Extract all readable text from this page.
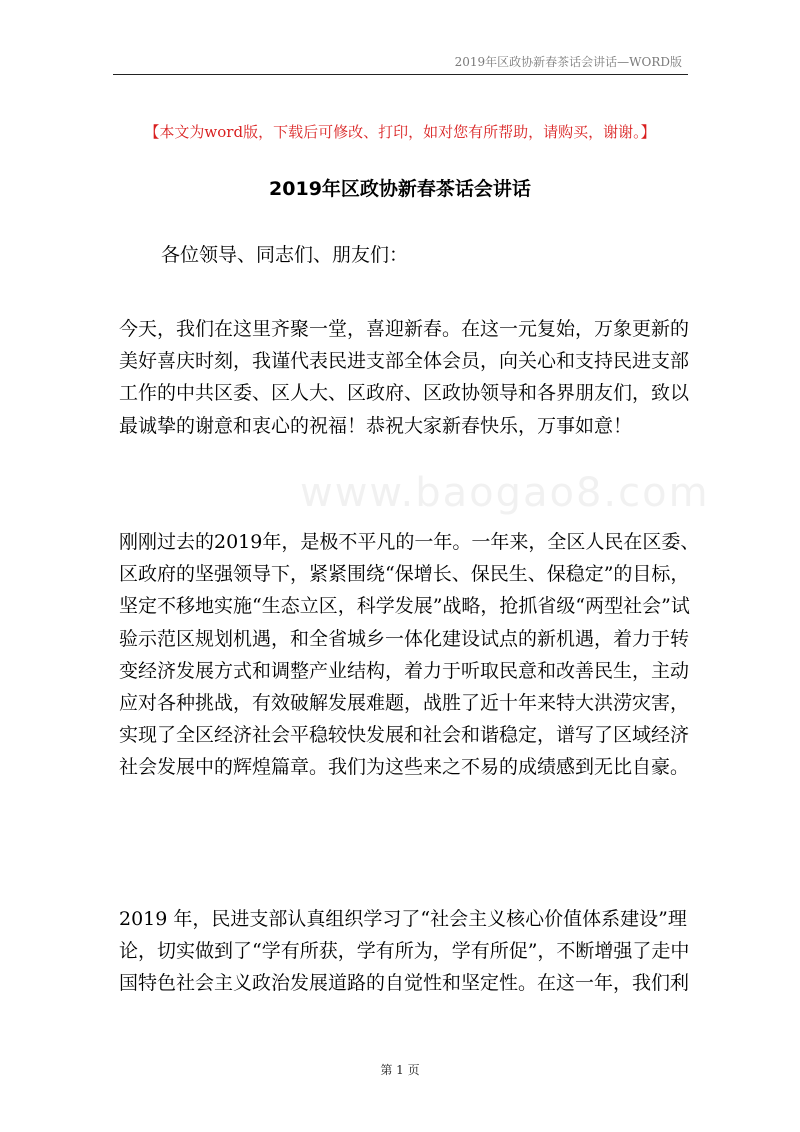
2019年区政协新春茶话会讲话—WORD版
【本文为word版，下载后可修改、打印，如对您有所帮助，请购买，谢谢。】
2019年区政协新春茶话会讲话
各位领导、同志们、朋友们：
www.baogao8.com
今天，我们在这里齐聚一堂，喜迎新春。在这一元复始，万象更新的
美好喜庆时刻，我谨代表民进支部全体会员，向关心和支持民进支部
工作的中共区委、区人大、区政府、区政协领导和各界朋友们，致以
最诚挚的谢意和衷心的祝福！恭祝大家新春快乐，万事如意！
刚刚过去的2019年，是极不平凡的一年。一年来，全区人民在区委、
区政府的坚强领导下，紧紧围绕“保增长、保民生、保稳定”的目标，
坚定不移地实施“生态立区，科学发展”战略，抢抓省级“两型社会”试
验示范区规划机遇，和全省城乡一体化建设试点的新机遇，着力于转
变经济发展方式和调整产业结构，着力于听取民意和改善民生，主动
应对各种挑战，有效破解发展难题，战胜了近十年来特大洪涝灾害，
实现了全区经济社会平稳较快发展和社会和谐稳定，谱写了区域经济
社会发展中的辉煌篇章。我们为这些来之不易的成绩感到无比自豪。
2019 年，民进支部认真组织学习了“社会主义核心价值体系建设”理
论，切实做到了“学有所获，学有所为，学有所促”，不断增强了走中
国特色社会主义政治发展道路的自觉性和坚定性。在这一年，我们利
第 1 页
